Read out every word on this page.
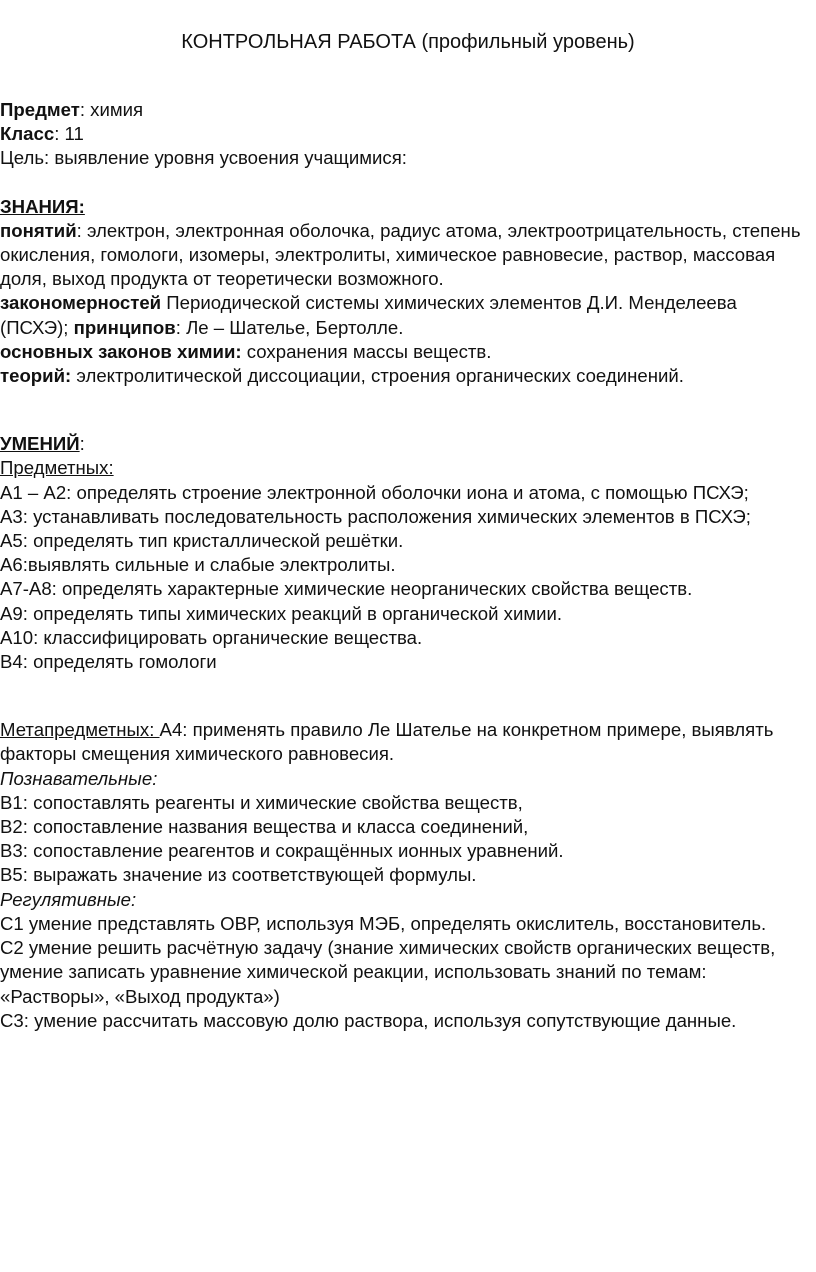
КОНТРОЛЬНАЯ РАБОТА (профильный уровень)

Предмет: химия

Класс: 11

Цель: выявление уровня усвоения учащимися:

ЗНАНИЯ:

понятий: электрон, электронная оболочка, радиус атома, электроотрицательность, степень окисления, гомологи, изомеры, электролиты, химическое равновесие, раствор, массовая доля, выход продукта от теоретически возможного.

закономерностей Периодической системы химических элементов Д.И. Менделеева (ПСХЭ); принципов: Ле – Шателье, Бертолле.

основных законов химии: сохранения массы веществ.

теорий: электролитической диссоциации, строения органических соединений.

УМЕНИЙ:

Предметных:

А1 – А2: определять строение электронной оболочки иона и атома, с помощью ПСХЭ;

А3: устанавливать последовательность расположения химических элементов в ПСХЭ;

А5: определять тип кристаллической решётки.

А6:выявлять сильные и слабые электролиты.

А7-А8: определять характерные химические неорганических свойства веществ.

А9: определять типы химических реакций в органической химии.

А10: классифицировать органические вещества.

В4: определять гомологи

Метапредметных: А4: применять правило Ле Шателье на конкретном примере, выявлять факторы смещения химического равновесия.

Познавательные:

В1: сопоставлять реагенты и химические свойства веществ,

В2: сопоставление названия вещества и класса соединений,

В3: сопоставление реагентов и сокращённых ионных уравнений.

В5: выражать значение из соответствующей формулы.

Регулятивные:

С1 умение представлять ОВР, используя МЭБ, определять окислитель, восстановитель.

С2 умение решить расчётную задачу (знание химических свойств органических веществ, умение записать уравнение химической реакции, использовать знаний по темам: «Растворы», «Выход продукта»)

С3: умение рассчитать массовую долю раствора, используя сопутствующие данные.
